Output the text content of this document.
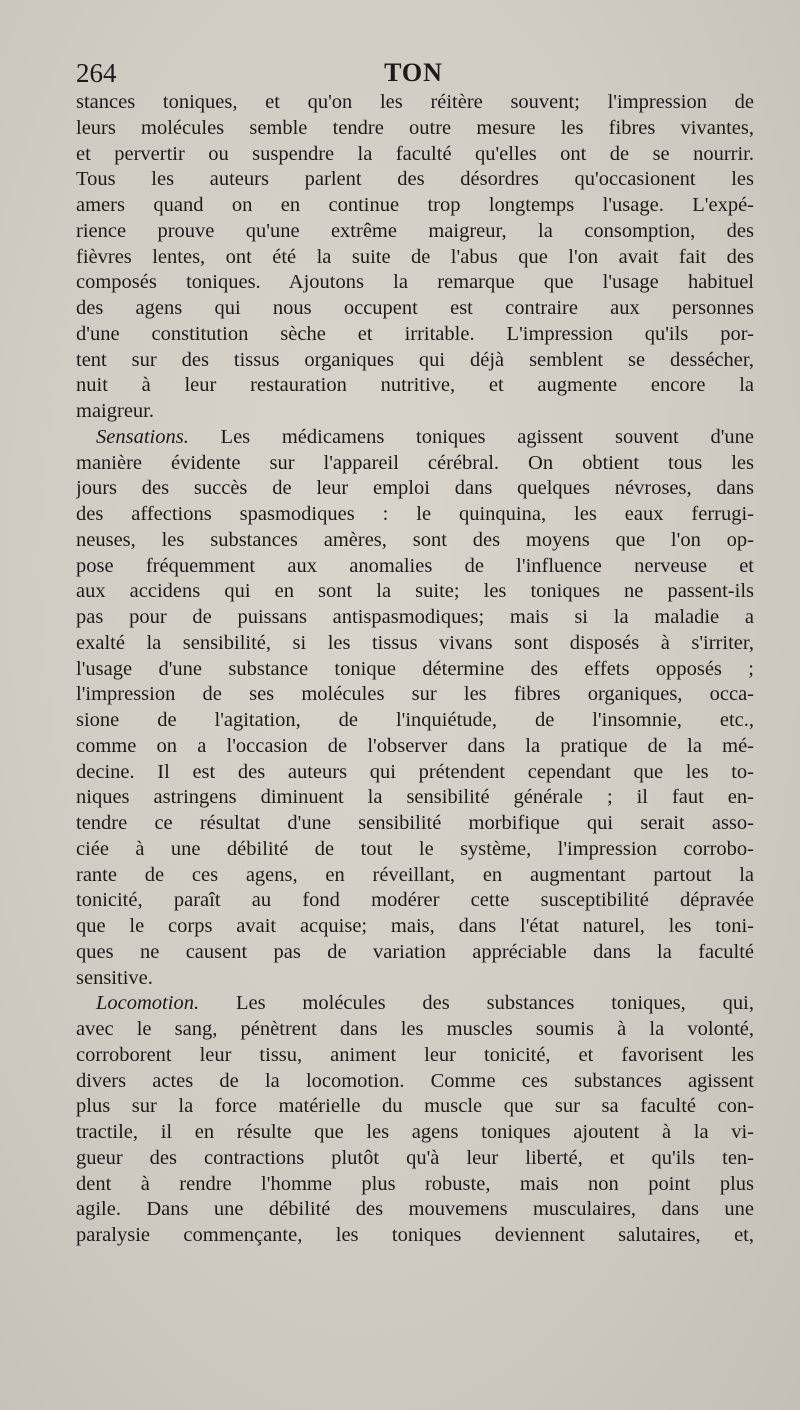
264	TON
stances toniques, et qu'on les réitère souvent; l'impression de
leurs molécules semble tendre outre mesure les fibres vivantes,
et pervertir ou suspendre la faculté qu'elles ont de se nourrir.
Tous les auteurs parlent des désordres qu'occasionent les
amers quand on en continue trop longtemps l'usage. L'expé-
rience prouve qu'une extrême maigreur, la consomption, des
fièvres lentes, ont été la suite de l'abus que l'on avait fait des
composés toniques. Ajoutons la remarque que l'usage habituel
des agens qui nous occupent est contraire aux personnes
d'une constitution sèche et irritable. L'impression qu'ils por-
tent sur des tissus organiques qui déjà semblent se dessécher,
nuit à leur restauration nutritive, et augmente encore la
maigreur.
Sensations. Les médicamens toniques agissent souvent d'une
manière évidente sur l'appareil cérébral. On obtient tous les
jours des succès de leur emploi dans quelques névroses, dans
des affections spasmodiques : le quinquina, les eaux ferrugi-
neuses, les substances amères, sont des moyens que l'on op-
pose fréquemment aux anomalies de l'influence nerveuse et
aux accidens qui en sont la suite; les toniques ne passent-ils
pas pour de puissans antispasmodiques; mais si la maladie a
exalté la sensibilité, si les tissus vivans sont disposés à s'irriter,
l'usage d'une substance tonique détermine des effets opposés ;
l'impression de ses molécules sur les fibres organiques, occa-
sione de l'agitation, de l'inquiétude, de l'insomnie, etc.,
comme on a l'occasion de l'observer dans la pratique de la mé-
decine. Il est des auteurs qui prétendent cependant que les to-
niques astringens diminuent la sensibilité générale ; il faut en-
tendre ce résultat d'une sensibilité morbifique qui serait asso-
ciée à une débilité de tout le système, l'impression corrobo-
rante de ces agens, en réveillant, en augmentant partout la
tonicité, paraît au fond modérer cette susceptibilité dépravée
que le corps avait acquise; mais, dans l'état naturel, les toni-
ques ne causent pas de variation appréciable dans la faculté
sensitive.
Locomotion. Les molécules des substances toniques, qui,
avec le sang, pénètrent dans les muscles soumis à la volonté,
corroborent leur tissu, animent leur tonicité, et favorisent les
divers actes de la locomotion. Comme ces substances agissent
plus sur la force matérielle du muscle que sur sa faculté con-
tractile, il en résulte que les agens toniques ajoutent à la vi-
gueur des contractions plutôt qu'à leur liberté, et qu'ils ten-
dent à rendre l'homme plus robuste, mais non point plus
agile. Dans une débilité des mouvemens musculaires, dans une
paralysie commençante, les toniques deviennent salutaires, et,
